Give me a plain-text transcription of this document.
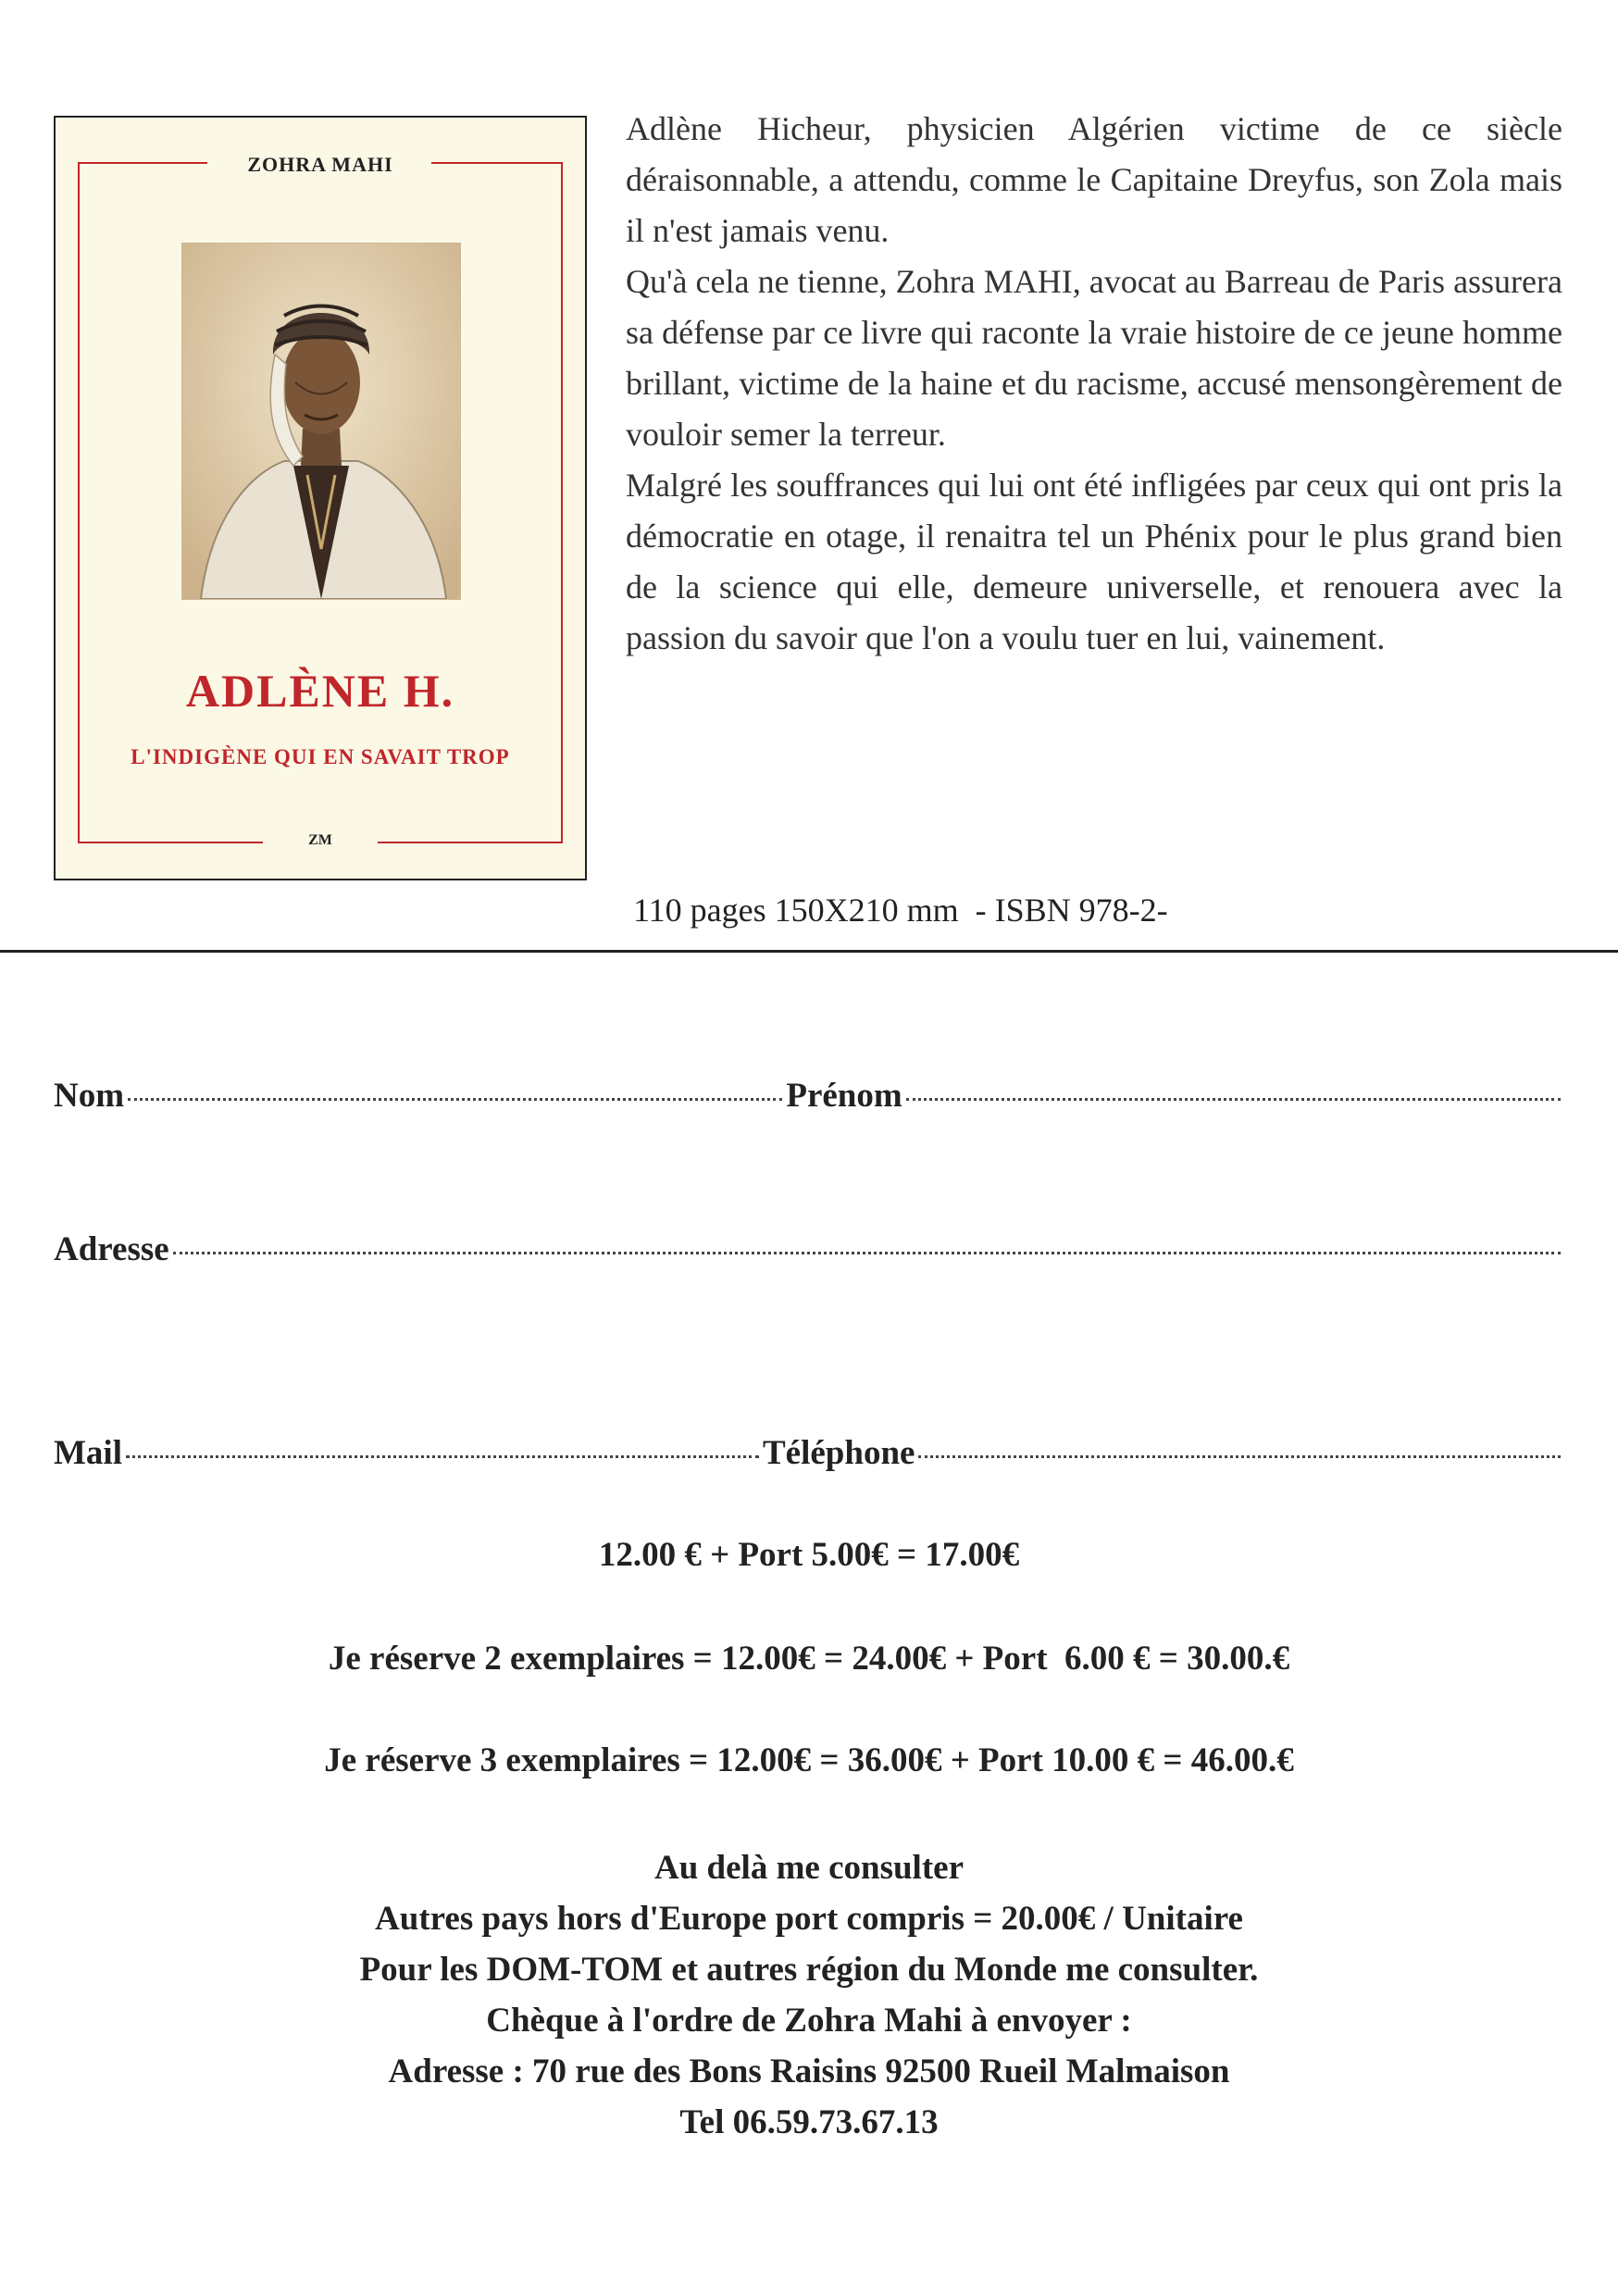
ZOHRA MAHI
ADLÈNE H.
L'INDIGÈNE QUI EN SAVAIT TROP
ZM

Adlène Hicheur, physicien Algérien victime de ce siècle déraisonnable, a attendu, comme le Capitaine Dreyfus, son Zola mais il n'est jamais venu.

Qu'à cela ne tienne, Zohra MAHI, avocat au Barreau de Paris assurera sa défense par ce livre qui raconte la vraie histoire de ce jeune homme brillant, victime de la haine et du racisme, accusé mensongèrement de vouloir semer la terreur.

Malgré les souffrances qui lui ont été infligées par ceux qui ont pris la démocratie en otage, il renaitra tel un Phénix pour le plus grand bien de la science qui elle, demeure universelle, et renouera avec la passion du savoir que l'on a voulu tuer en lui, vainement.

110 pages 150X210 mm  - ISBN 978-2-
Nom	Prénom
Adresse
Mail	Téléphone
12.00 € + Port 5.00€ = 17.00€
Je réserve 2 exemplaires = 12.00€ = 24.00€ + Port  6.00 € = 30.00.€
Je réserve 3 exemplaires = 12.00€ = 36.00€ + Port 10.00 € = 46.00.€
Au delà me consulter
Autres pays hors d'Europe port compris = 20.00€ / Unitaire
Pour les DOM-TOM et autres région du Monde me consulter.
Chèque à l'ordre de Zohra Mahi à envoyer :
Adresse : 70 rue des Bons Raisins 92500 Rueil Malmaison
Tel 06.59.73.67.13
